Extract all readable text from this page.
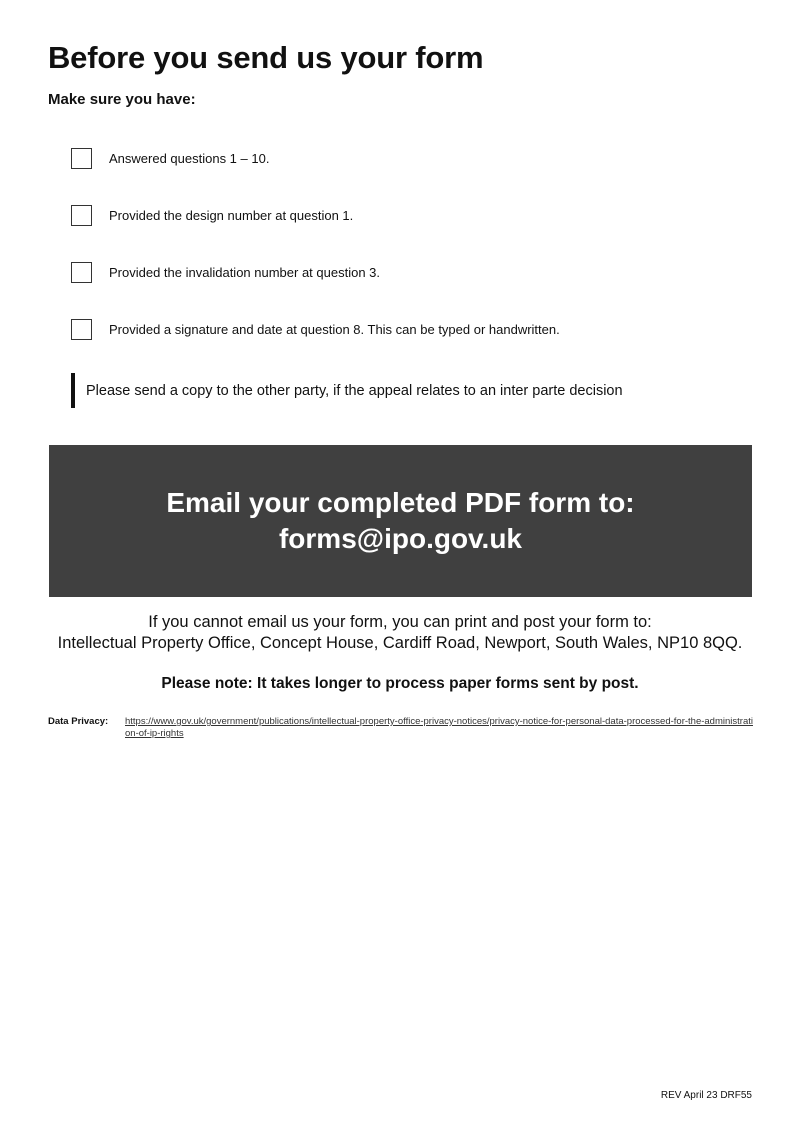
Before you send us your form
Make sure you have:
Answered questions 1 – 10.
Provided the design number at question 1.
Provided the invalidation number at question 3.
Provided a signature and date at question 8. This can be typed or handwritten.
Please send a copy to the other party, if the appeal relates to an inter parte decision
Email your completed PDF form to:
forms@ipo.gov.uk
If you cannot email us your form, you can print and post your form to:
Intellectual Property Office, Concept House, Cardiff Road, Newport, South Wales, NP10 8QQ.
Please note: It takes longer to process paper forms sent by post.
Data Privacy: https://www.gov.uk/government/publications/intellectual-property-office-privacy-notices/privacy-notice-for-personal-data-processed-for-the-administration-of-ip-rights
REV April 23 DRF55
